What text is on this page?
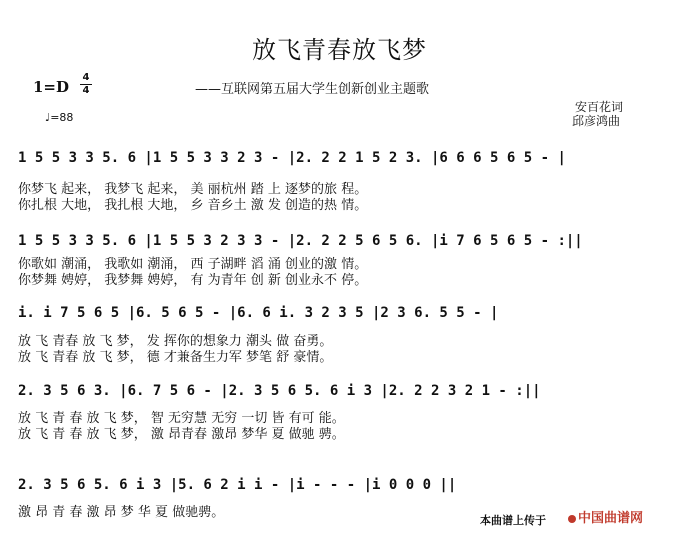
放飞青春放飞梦
——互联网第五届大学生创新创业主题歌
1=D
4
4
♩=88
安百花词
邱彦鸿曲
1 5 5 3 3 5. 6 |1 5 5 3 3 2 3 - |2. 2 2 1 5 2 3. |6 6 6 5 6 5 - |
你梦飞 起来， 我梦飞 起来， 美 丽杭州 踏 上 逐梦的旅 程。
你扎根 大地， 我扎根 大地， 乡 音乡土 激 发 创造的热 情。
1 5 5 3 3 5. 6 |1 5 5 3 2 3 3 - |2. 2 2 5 6 5 6. |i 7 6 5 6 5 - :||
你歌如 潮涌， 我歌如 潮涌， 西 子湖畔 滔 涌 创业的激 情。
你梦舞 娉婷， 我梦舞 娉婷， 有 为青年 创 新 创业永不 停。
i. i 7 5 6 5 |6. 5 6 5 - |6. 6 i. 3 2 3 5 |2 3 6. 5 5 - |
放 飞 青春 放 飞 梦， 发 挥你的想象力 潮头 做 奋勇。
放 飞 青春 放 飞 梦， 德 才兼备生力军 梦笔 舒 豪情。
2. 3 5 6 3. |6. 7 5 6 - |2. 3 5 6 5. 6 i 3 |2. 2 2 3 2 1 - :||
放 飞 青 春 放 飞 梦， 智 无穷慧 无穷 一切 皆 有可 能。
放 飞 青 春 放 飞 梦， 激 昂青春 激昂 梦华 夏 做驰 骋。
2. 3 5 6 5. 6 i 3 |5. 6 2 i i - |i - - - |i 0 0 0 ||
激 昂 青 春 激 昂 梦 华 夏 做驰骋。
本曲谱上传于	中国曲谱网
